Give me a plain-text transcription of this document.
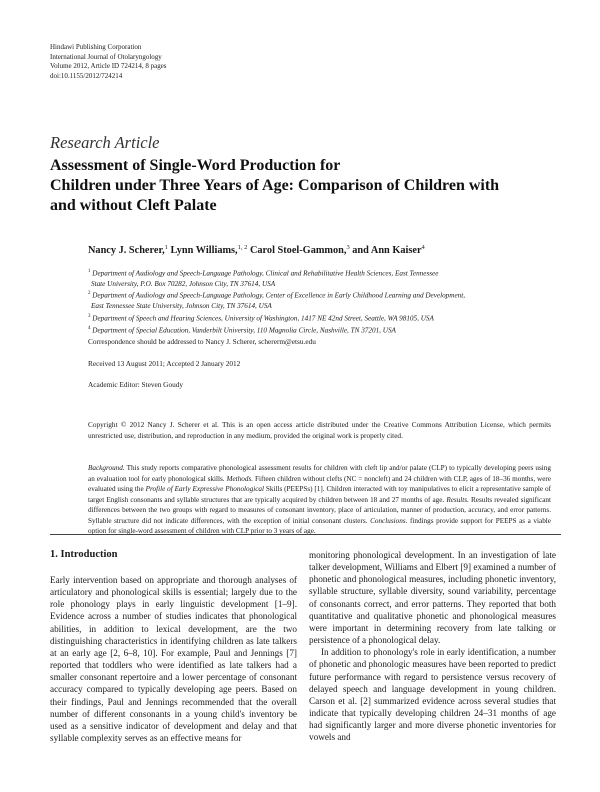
Hindawi Publishing Corporation
International Journal of Otolaryngology
Volume 2012, Article ID 724214, 8 pages
doi:10.1155/2012/724214
Research Article
Assessment of Single-Word Production for
Children under Three Years of Age: Comparison of Children with
and without Cleft Palate
Nancy J. Scherer,$^1$ Lynn Williams,$^{1, 2}$ Carol Stoel-Gammon,$^3$ and Ann Kaiser$^4$
$^1$ Department of Audiology and Speech-Language Pathology, Clinical and Rehabilitative Health Sciences, East Tennessee
State University, P.O. Box 70282, Johnson City, TN 37614, USA
$^2$ Department of Audiology and Speech-Language Pathology, Center of Excellence in Early Childhood Learning and Development,
East Tennessee State University, Johnson City, TN 37614, USA
$^3$ Department of Speech and Hearing Sciences, University of Washington, 1417 NE 42nd Street, Seattle, WA 98105, USA
$^4$ Department of Special Education, Vanderbilt University, 110 Magnolia Circle, Nashville, TN 37201, USA
Correspondence should be addressed to Nancy J. Scherer, schererm@etsu.edu
Received 13 August 2011; Accepted 2 January 2012
Academic Editor: Steven Goudy
Copyright © 2012 Nancy J. Scherer et al. This is an open access article distributed under the Creative Commons Attribution License, which permits unrestricted use, distribution, and reproduction in any medium, provided the original work is properly cited.
Background. This study reports comparative phonological assessment results for children with cleft lip and/or palate (CLP) to typically developing peers using an evaluation tool for early phonological skills. Methods. Fifteen children without clefts (NC = noncleft) and 24 children with CLP, ages of 18–36 months, were evaluated using the Profile of Early Expressive Phonological Skills (PEEPSs) [1]. Children interacted with toy manipulatives to elicit a representative sample of target English consonants and syllable structures that are typically acquired by children between 18 and 27 months of age. Results. Results revealed significant differences between the two groups with regard to measures of consonant inventory, place of articulation, manner of production, accuracy, and error patterns. Syllable structure did not indicate differences, with the exception of initial consonant clusters. Conclusions. findings provide support for PEEPS as a viable option for single-word assessment of children with CLP prior to 3 years of age.
1. Introduction

Early intervention based on appropriate and thorough analyses of articulatory and phonological skills is essential; largely due to the role phonology plays in early linguistic development [1–9]. Evidence across a number of studies indicates that phonological abilities, in addition to lexical development, are the two distinguishing characteristics in identifying children as late talkers at an early age [2, 6–8, 10]. For example, Paul and Jennings [7] reported that toddlers who were identified as late talkers had a smaller consonant repertoire and a lower percentage of consonant accuracy compared to typically developing age peers. Based on their findings, Paul and Jennings recommended that the overall number of different consonants in a young child's inventory be used as a sensitive indicator of development and delay and that syllable complexity serves as an effective means for

monitoring phonological development. In an investigation of late talker development, Williams and Elbert [9] examined a number of phonetic and phonological measures, including phonetic inventory, syllable structure, syllable diversity, sound variability, percentage of consonants correct, and error patterns. They reported that both quantitative and qualitative phonetic and phonological measures were important in determining recovery from late talking or persistence of a phonological delay.

In addition to phonology's role in early identification, a number of phonetic and phonologic measures have been reported to predict future performance with regard to persistence versus recovery of delayed speech and language development in young children. Carson et al. [2] summarized evidence across several studies that indicate that typically developing children 24–31 months of age had significantly larger and more diverse phonetic inventories for vowels and
